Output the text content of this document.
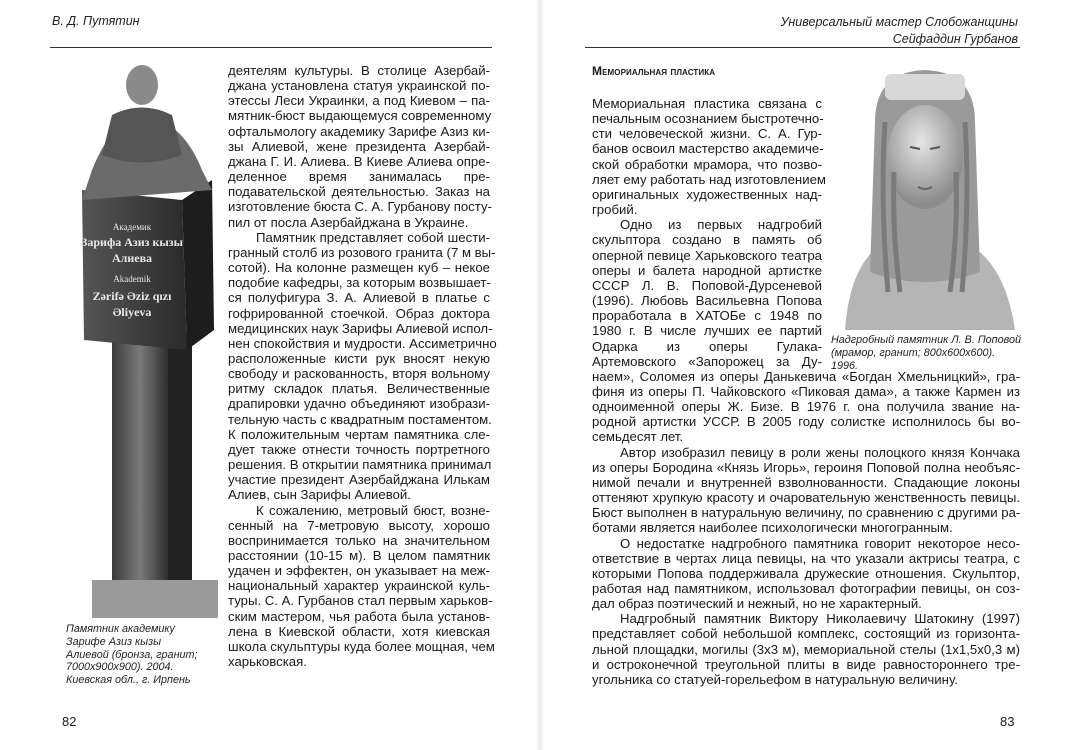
В. Д. Путятин
Академик
Зарифа Азиз кызы
Алиева
Akademik
Zərifə Əziz qızı
Əliyeva
Памятник академику
Зарифе Азиз кызы
Алиевой (бронза, гранит;
7000x900x900). 2004.
Киевская обл., г. Ирпень
деятелям культуры. В столице Азербай-
джана установлена статуя украинской по-
этессы Леси Украинки, а под Киевом – па-
мятник-бюст выдающемуся современному
офтальмологу академику Зарифе Азиз ки-
зы Алиевой, жене президента Азербай-
джана Г. И. Алиева. В Киеве Алиева опре-
деленное время занималась пре-
подавательской деятельностью. Заказ на
изготовление бюста С. А. Гурбанову посту-
пил от посла Азербайджана в Украине.
Памятник представляет собой шести-
гранный столб из розового гранита (7 м вы-
сотой). На колонне размещен куб – некое
подобие кафедры, за которым возвышает-
ся полуфигура З. А. Алиевой в платье с
гофрированной стоечкой. Образ доктора
медицинских наук Зарифы Алиевой испол-
нен спокойствия и мудрости. Ассиметрично
расположенные кисти рук вносят некую
свободу и раскованность, вторя вольному
ритму складок платья. Величественные
драпировки удачно объединяют изобрази-
тельную часть с квадратным постаментом.
К положительным чертам памятника сле-
дует также отнести точность портретного
решения. В открытии памятника принимал
участие президент Азербайджана Илькам
Алиев, сын Зарифы Алиевой.
К сожалению, метровый бюст, возне-
сенный на 7-метровую высоту, хорошо
воспринимается только на значительном
расстоянии (10-15 м). В целом памятник
удачен и эффектен, он указывает на меж-
национальный характер украинской куль-
туры. С. А. Гурбанов стал первым харьков-
ским мастером, чья работа была установ-
лена в Киевской области, хотя киевская
школа скульптуры куда более мощная, чем
харьковская.
82
Универсальный мастер Слобожанщины
Сейфаддин Гурбанов
Мемориальная пластика
Надгробный памятник Л. В. Поповой
(мрамор, гранит; 800x600x600).
1996.
Мемориальная пластика связана с
печальным осознанием быстротечно-
сти человеческой жизни. С. А. Гур-
банов освоил мастерство академиче-
ской обработки мрамора, что позво-
ляет ему работать над изготовлением
оригинальных художественных над-
гробий.
Одно из первых надгробий
скульптора создано в память об
оперной певице Харьковского театра
оперы и балета народной артистке
СССР Л. В. Поповой-Дурсеневой
(1996). Любовь Васильевна Попова
проработала в ХАТОБе с 1948 по
1980 г. В числе лучших ее партий
Одарка из оперы Гулака-
Артемовского «Запорожец за Ду-
наем», Соломея из оперы Данькевича «Богдан Хмельницкий», гра-
финя из оперы П. Чайковского «Пиковая дама», а также Кармен из
одноименной оперы Ж. Бизе. В 1976 г. она получила звание на-
родной артистки УССР. В 2005 году солистке исполнилось бы во-
семьдесят лет.
Автор изобразил певицу в роли жены полоцкого князя Кончака
из оперы Бородина «Князь Игорь», героиня Поповой полна необъяс-
нимой печали и внутренней взволнованности. Спадающие локоны
оттеняют хрупкую красоту и очаровательную женственность певицы.
Бюст выполнен в натуральную величину, по сравнению с другими ра-
ботами является наиболее психологически многогранным.
О недостатке надгробного памятника говорит некоторое несо-
ответствие в чертах лица певицы, на что указали актрисы театра, с
которыми Попова поддерживала дружеские отношения. Скульптор,
работая над памятником, использовал фотографии певицы, он соз-
дал образ поэтический и нежный, но не характерный.
Надгробный памятник Виктору Николаевичу Шатокину (1997)
представляет собой небольшой комплекс, состоящий из горизонта-
льной площадки, могилы (3x3 м), мемориальной стелы (1x1,5x0,3 м)
и остроконечной треугольной плиты в виде равностороннего тре-
угольника со статуей-горельефом в натуральную величину.
83
